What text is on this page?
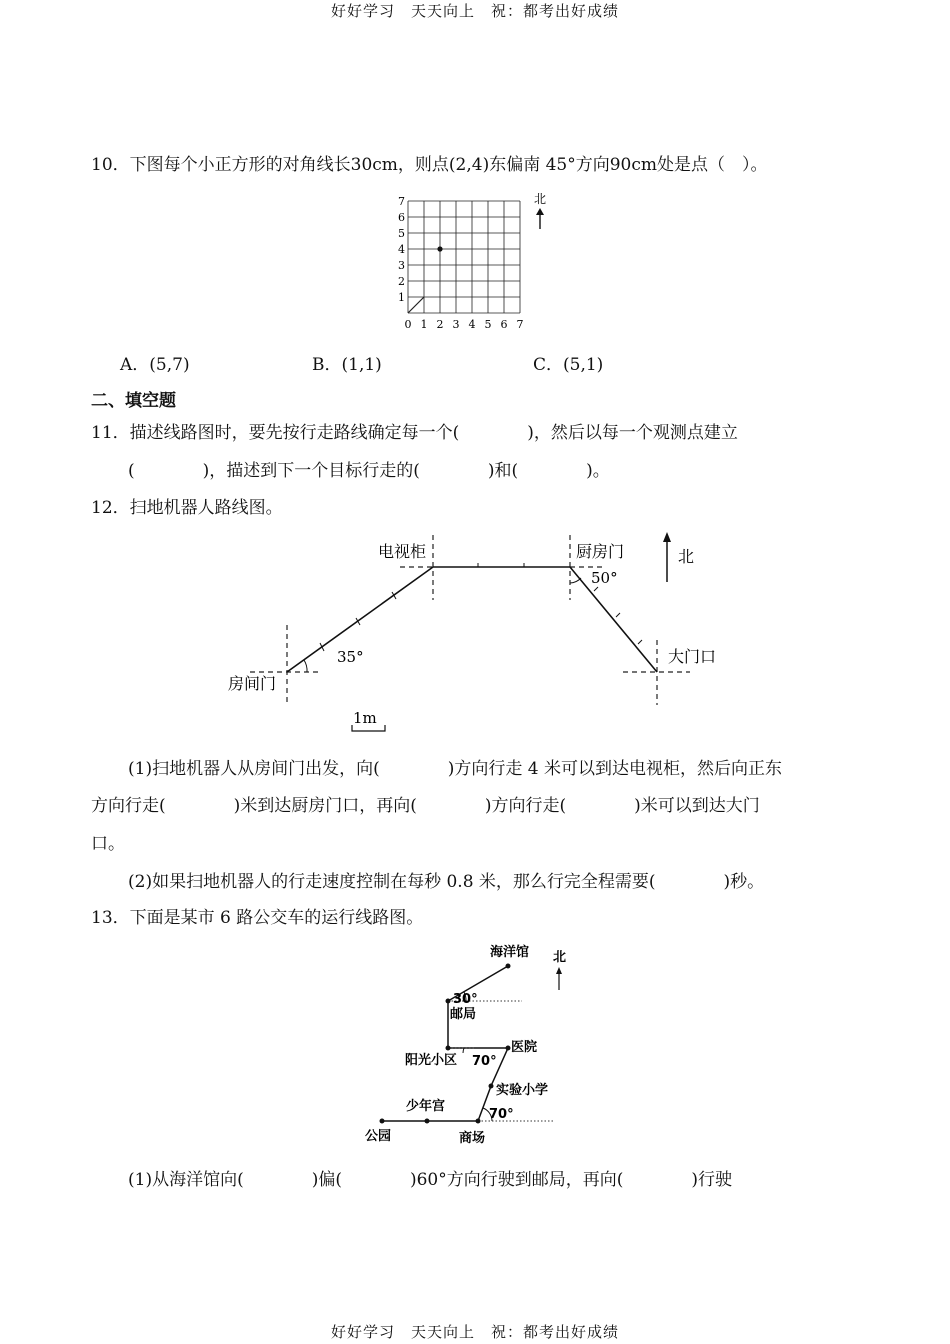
好好学习　天天向上　祝：都考出好成绩
10．下图每个小正方形的对角线长30cm，则点(2,4)东偏南 45°方向90cm处是点（　）。
7
6
5
4
3
2
1
0 1 2 3 4 5 6 7
北
A．(5,7)	B．(1,1)	C．(5,1)
二、填空题
11．描述线路图时，要先按行走路线确定每一个(　　　　)，然后以每一个观测点建立
(　　　　)，描述到下一个目标行走的(　　　　)和(　　　　)。
12．扫地机器人路线图。
35°
50°
电视柜	厨房门
房间门
大门口
北
1m
(1)扫地机器人从房间门出发，向(　　　　)方向行走 4 米可以到达电视柜，然后向正东
方向行走(　　　　)米到达厨房门口，再向(　　　　)方向行走(　　　　)米可以到达大门
口。
(2)如果扫地机器人的行走速度控制在每秒 0.8 米，那么行完全程需要(　　　　)秒。
13．下面是某市 6 路公交车的运行线路图。
海洋馆
30°
邮局
阳光小区 70°
医院
实验小学
少年宫
70°
公园	商场
北
(1)从海洋馆向(　　　　)偏(　　　　)60°方向行驶到邮局，再向(　　　　)行驶
好好学习　天天向上　祝：都考出好成绩
